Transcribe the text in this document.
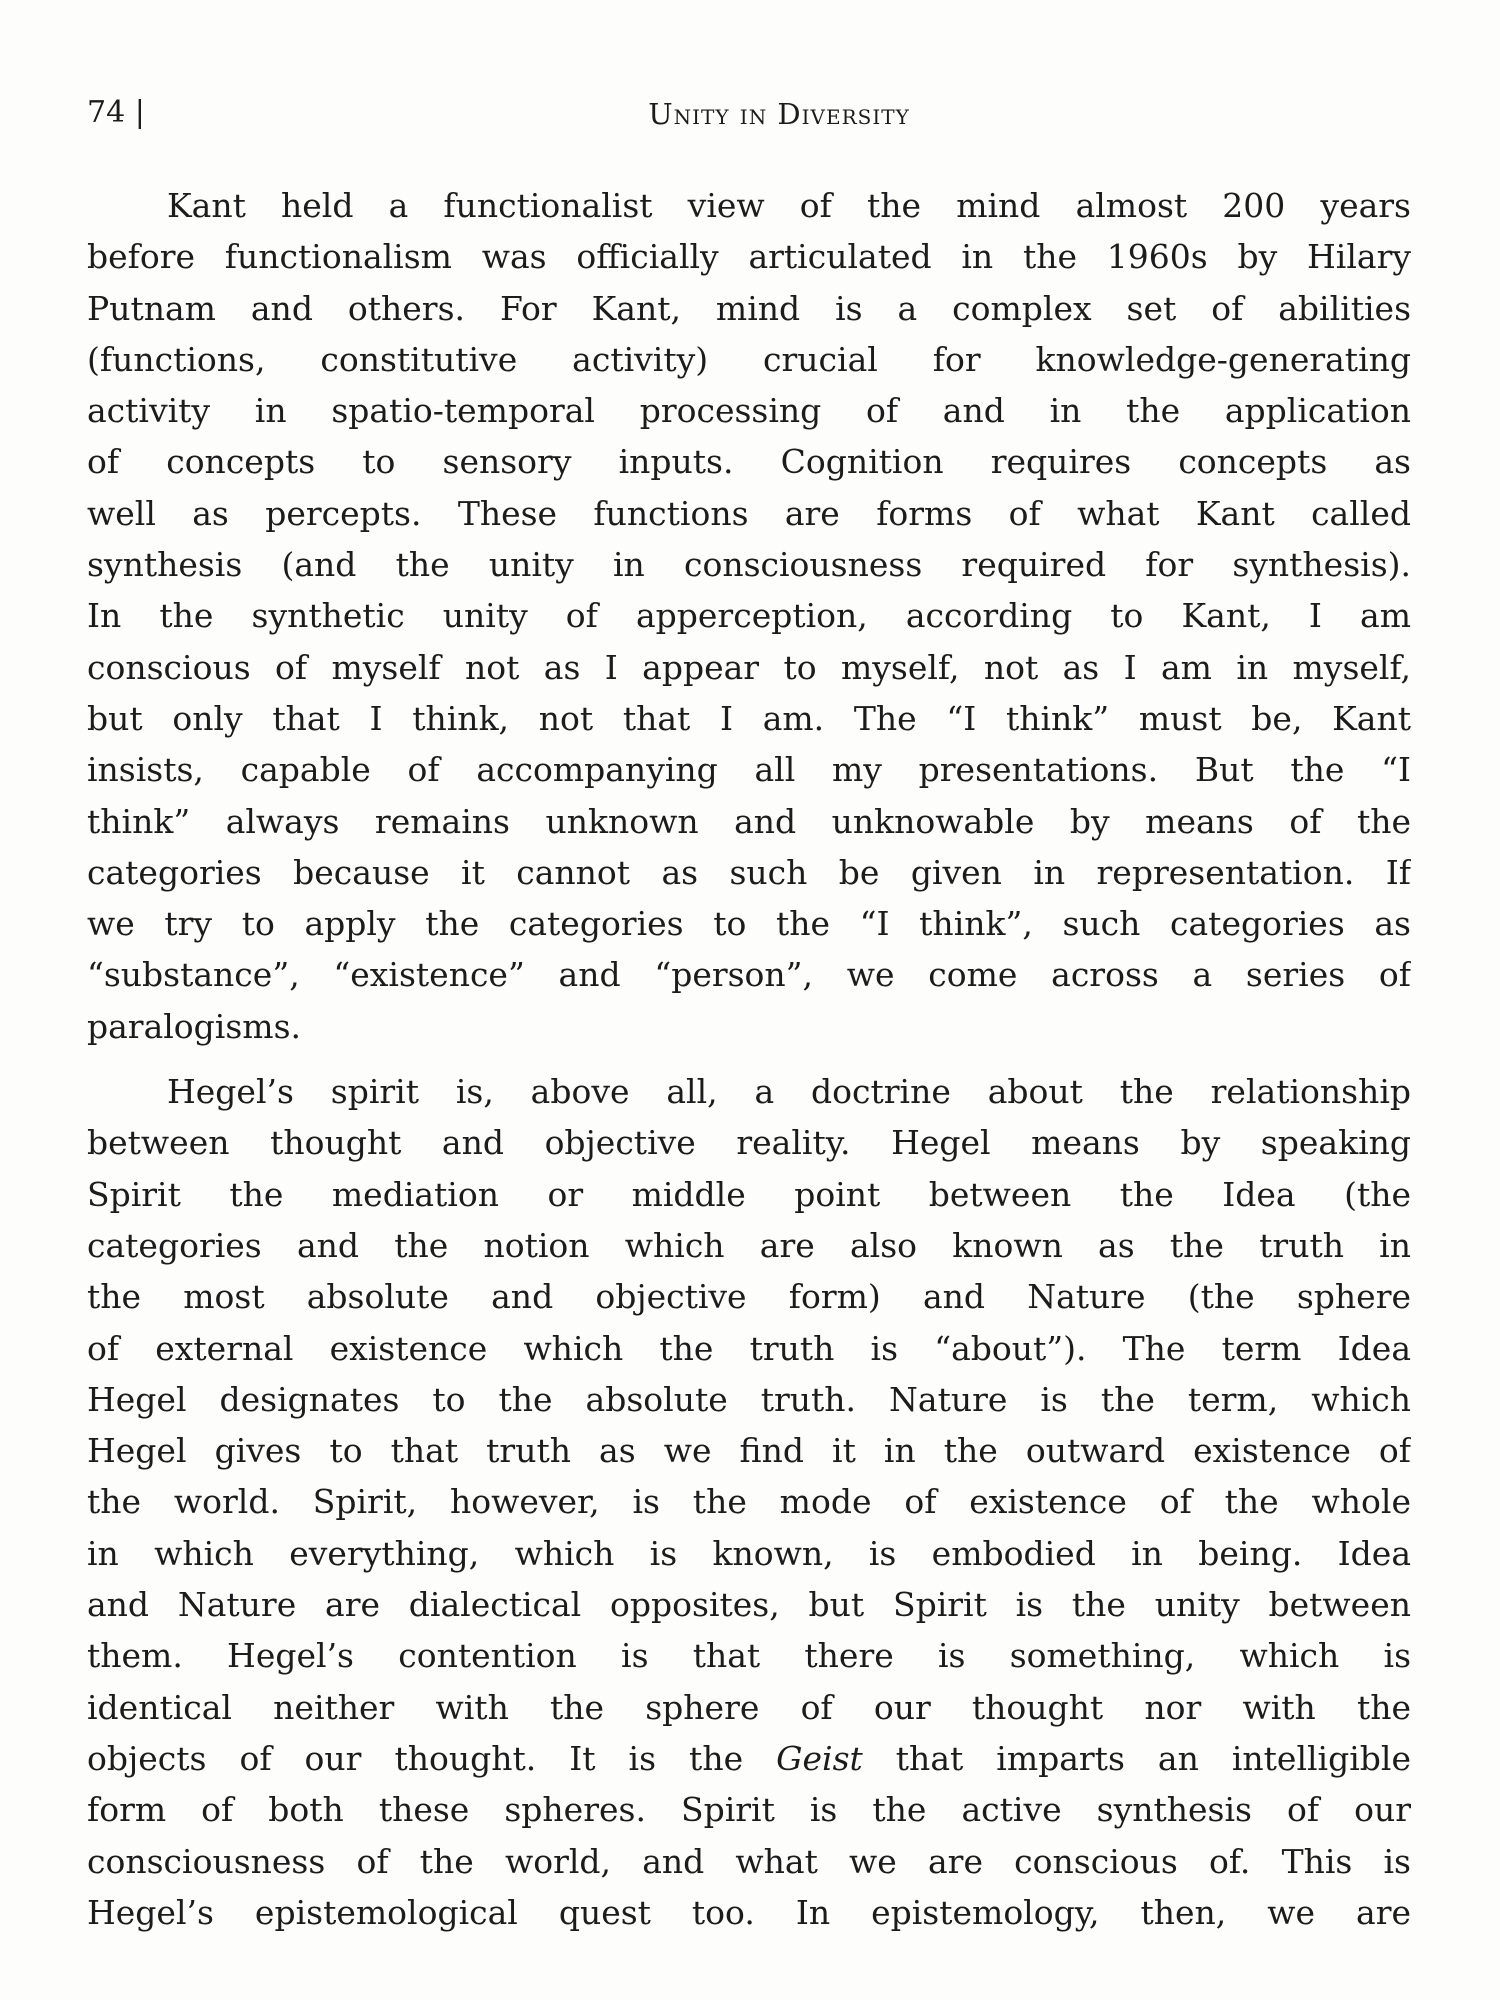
74 |	Unity in Diversity
Kant held a functionalist view of the mind almost 200 years
before functionalism was officially articulated in the 1960s by Hilary
Putnam and others. For Kant, mind is a complex set of abilities
(functions, constitutive activity) crucial for knowledge-generating
activity in spatio-temporal processing of and in the application
of concepts to sensory inputs. Cognition requires concepts as
well as percepts. These functions are forms of what Kant called
synthesis (and the unity in consciousness required for synthesis).
In the synthetic unity of apperception, according to Kant, I am
conscious of myself not as I appear to myself, not as I am in myself,
but only that I think, not that I am. The “I think” must be, Kant
insists, capable of accompanying all my presentations. But the “I
think” always remains unknown and unknowable by means of the
categories because it cannot as such be given in representation. If
we try to apply the categories to the “I think”, such categories as
“substance”, “existence” and “person”, we come across a series of
paralogisms.
Hegel’s spirit is, above all, a doctrine about the relationship
between thought and objective reality. Hegel means by speaking
Spirit the mediation or middle point between the Idea (the
categories and the notion which are also known as the truth in
the most absolute and objective form) and Nature (the sphere
of external existence which the truth is “about”). The term Idea
Hegel designates to the absolute truth. Nature is the term, which
Hegel gives to that truth as we find it in the outward existence of
the world. Spirit, however, is the mode of existence of the whole
in which everything, which is known, is embodied in being. Idea
and Nature are dialectical opposites, but Spirit is the unity between
them. Hegel’s contention is that there is something, which is
identical neither with the sphere of our thought nor with the
objects of our thought. It is the Geist that imparts an intelligible
form of both these spheres. Spirit is the active synthesis of our
consciousness of the world, and what we are conscious of. This is
Hegel’s epistemological quest too. In epistemology, then, we are
